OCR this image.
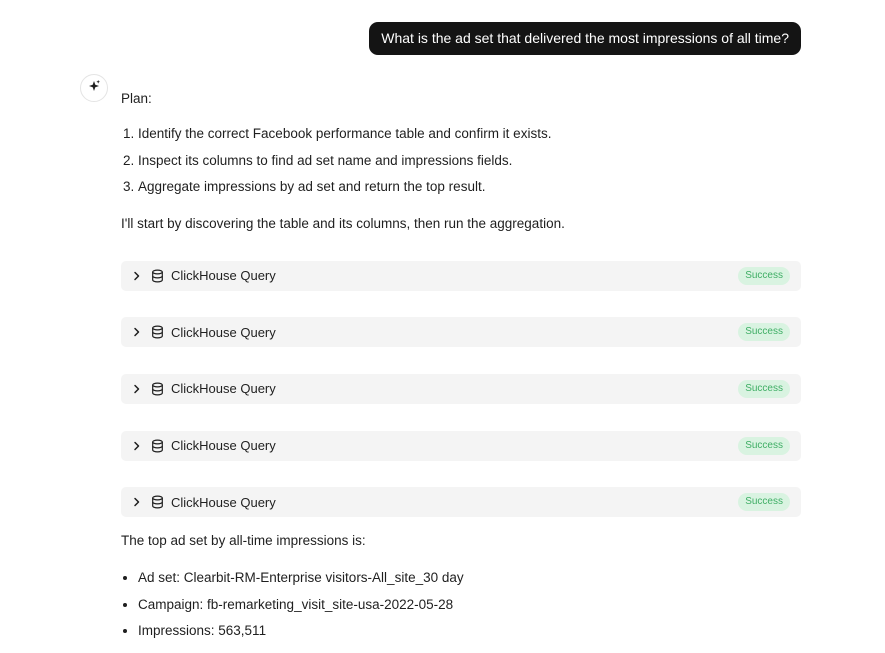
What is the ad set that delivered the most impressions of all time?

Plan:

1. Identify the correct Facebook performance table and confirm it exists.
2. Inspect its columns to find ad set name and impressions fields.
3. Aggregate impressions by ad set and return the top result.

I'll start by discovering the table and its columns, then run the aggregation.

ClickHouse Query	Success
ClickHouse Query	Success
ClickHouse Query	Success
ClickHouse Query	Success
ClickHouse Query	Success
The top ad set by all-time impressions is:
• Ad set: Clearbit-RM-Enterprise visitors-All_site_30 day
• Campaign: fb-remarketing_visit_site-usa-2022-05-28
• Impressions: 563,511
